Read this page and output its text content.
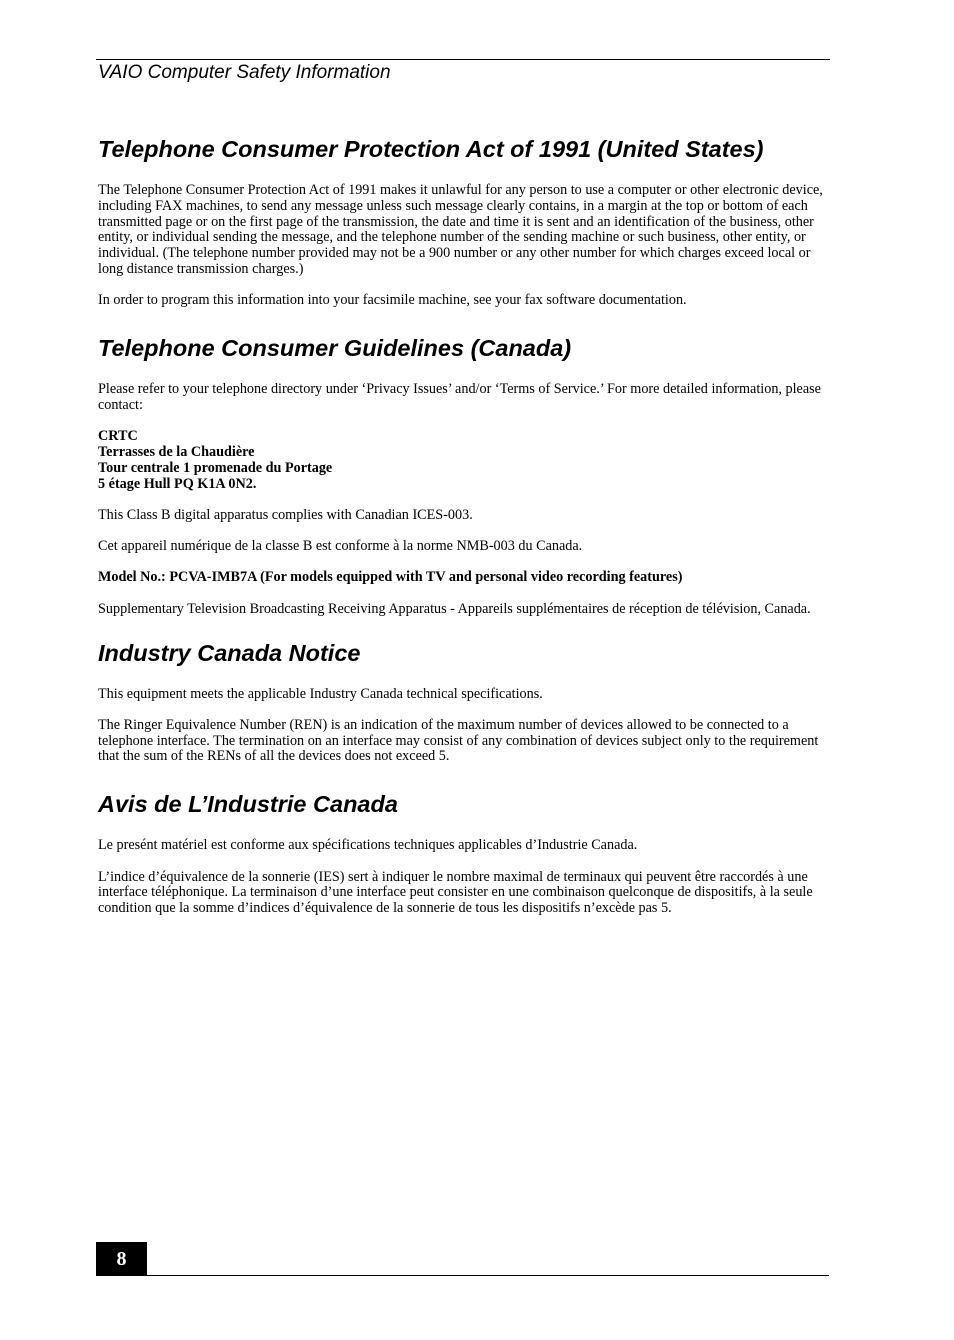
VAIO Computer Safety Information
Telephone Consumer Protection Act of 1991 (United States)

The Telephone Consumer Protection Act of 1991 makes it unlawful for any person to use a computer or other electronic device, including FAX machines, to send any message unless such message clearly contains, in a margin at the top or bottom of each transmitted page or on the first page of the transmission, the date and time it is sent and an identification of the business, other entity, or individual sending the message, and the telephone number of the sending machine or such business, other entity, or individual. (The telephone number provided may not be a 900 number or any other number for which charges exceed local or long distance transmission charges.)

In order to program this information into your facsimile machine, see your fax software documentation.

Telephone Consumer Guidelines (Canada)

Please refer to your telephone directory under ‘Privacy Issues’ and/or ‘Terms of Service.’ For more detailed information, please contact:

CRTC
Terrasses de la Chaudière
Tour centrale 1 promenade du Portage
5 étage Hull PQ K1A 0N2.

This Class B digital apparatus complies with Canadian ICES-003.

Cet appareil numérique de la classe B est conforme à la norme NMB-003 du Canada.

Model No.: PCVA-IMB7A (For models equipped with TV and personal video recording features)

Supplementary Television Broadcasting Receiving Apparatus - Appareils supplémentaires de réception de télévision, Canada.

Industry Canada Notice

This equipment meets the applicable Industry Canada technical specifications.

The Ringer Equivalence Number (REN) is an indication of the maximum number of devices allowed to be connected to a telephone interface. The termination on an interface may consist of any combination of devices subject only to the requirement that the sum of the RENs of all the devices does not exceed 5.

Avis de L’Industrie Canada

Le presént matériel est conforme aux spécifications techniques applicables d’Industrie Canada.

L’indice d’équivalence de la sonnerie (IES) sert à indiquer le nombre maximal de terminaux qui peuvent être raccordés à une interface téléphonique. La terminaison d’une interface peut consister en une combinaison quelconque de dispositifs, à la seule condition que la somme d’indices d’équivalence de la sonnerie de tous les dispositifs n’excède pas 5.

8
